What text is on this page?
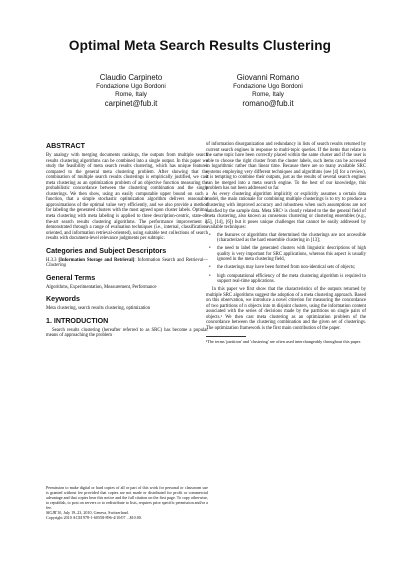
Optimal Meta Search Results Clustering
Claudio Carpineto
Fondazione Ugo Bordoni
Rome, Italy
carpinet@fub.it
Giovanni Romano
Fondazione Ugo Bordoni
Rome, Italy
romano@fub.it
ABSTRACT

By analogy with merging documents rankings, the outputs from multiple search results clustering algorithms can be combined into a single output. In this paper we study the feasibility of meta search results clustering, which has unique features compared to the general meta clustering problem. After showing that the combination of multiple search results clusterings is empirically justified, we cast meta clustering as an optimization problem of an objective function measuring the probabilistic concordance between the clustering combination and the single clusterings. We then show, using an easily computable upper bound on such a function, that a simple stochastic optimization algorithm delivers reasonable approximations of the optimal value very efficiently, and we also provide a method for labeling the generated clusters with the most agreed upon cluster labels. Optimal meta clustering with meta labeling is applied to three description-centric, state-of-the-art search results clustering algorithms. The performance improvement is demonstrated through a range of evaluation techniques (i.e., internal, classification-oriented, and information retrieval-oriented), using suitable test collections of search results with document-level relevance judgments per subtopic.

Categories and Subject Descriptors

H.3.3 [Information Storage and Retrieval]: Information Search and Retrieval—Clustering

General Terms

Algorithms, Experimentation, Measurement, Performance

Keywords

Meta clustering, search results clustering, optimization

1. INTRODUCTION

Search results clustering (hereafter referred to as SRC) has become a popular means of approaching the problem

Permission to make digital or hard copies of all or part of this work for personal or classroom use is granted without fee provided that copies are not made or distributed for profit or commercial advantage and that copies bear this notice and the full citation on the first page. To copy otherwise, to republish, to post on servers or to redistribute to lists, requires prior specific permission and/or a fee.
SIGIR'10, July 19–23, 2010, Geneva, Switzerland.
Copyright 2010 ACM 978-1-60558-896-4/10/07 ...$10.00.

of information disorganization and redundancy in lists of search results returned by current search engines in response to multi-topic queries. If the items that relate to the same topic have been correctly placed within the same cluster and if the user is able to choose the right cluster from the cluster labels, such items can be accessed in logarithmic rather than linear time. Because there are so many available SRC systems employing very different techniques and algorithms (see [4] for a review), it is tempting to combine their outputs, just as the results of several search engines can be merged into a meta search engine. To the best of our knowledge, this problem has not been addressed so far.

As every clustering algorithm implicitly or explicitly assumes a certain data model, the main rationale for combining multiple clusterings is to try to produce a clustering with improved accuracy and robustness when such assumptions are not satisfied by the sample data. Meta SRC¹ is clearly related to the the general field of meta clustering, also known as consensus clustering or clustering ensembles (e.g., [5], [14], [6]) but it poses unique challenges that cannot be easily addressed by available techniques:

• the features or algorithms that determined the clusterings are not accessible (characterized as the hard ensemble clustering in [13];
• the need to label the generated clusters with linguistic descriptions of high quality is very important for SRC applications, whereas this aspect is usually ignored in the meta clustering field,
• the clusterings may have been formed from non-identical sets of objects;
• high computational efficiency of the meta clustering algorithm is required to support real-time applications.

In this paper we first show that the characteristics of the outputs returned by multiple SRC algorithms suggest the adoption of a meta clustering approach. Based on this observation, we introduce a novel criterion for measuring the concordance of two partitions of n objects into m disjoint clusters, using the information content associated with the series of decisions made by the partitions on single pairs of objects.¹ We then cast meta clustering as an optimization problem of the concordance between the clustering combination and the given set of clusterings. The optimization framework is the first main contribution of the paper.

¹The terms 'partition' and 'clustering' are often used interchangeably throughout this paper.
